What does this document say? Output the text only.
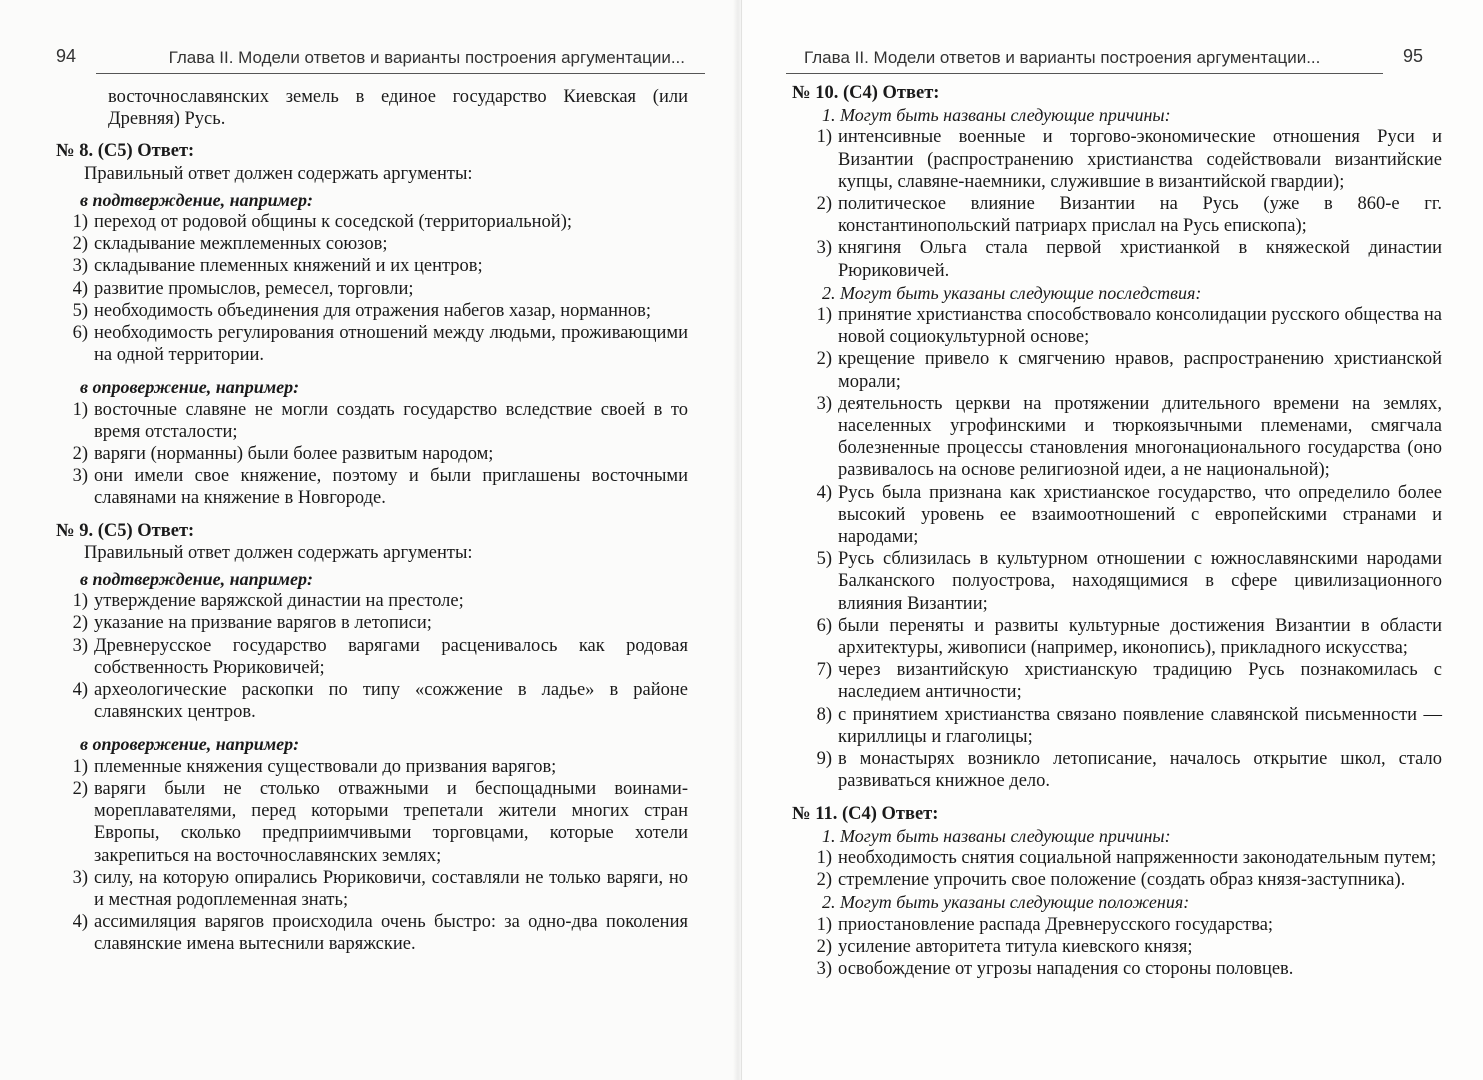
94	Глава II. Модели ответов и варианты построения аргументации...

восточнославянских земель в единое государство Киевская (или Древняя) Русь.

№ 8. (С5) Ответ:

Правильный ответ должен содержать аргументы:

в подтверждение, например:

1) переход от родовой общины к соседской (территориальной);
2) складывание межплеменных союзов;
3) складывание племенных княжений и их центров;
4) развитие промыслов, ремесел, торговли;
5) необходимость объединения для отражения набегов хазар, норманнов;
6) необходимость регулирования отношений между людьми, проживающими на одной территории.

в опровержение, например:

1) восточные славяне не могли создать государство вследствие своей в то время отсталости;
2) варяги (норманны) были более развитым народом;
3) они имели свое княжение, поэтому и были приглашены восточными славянами на княжение в Новгороде.

№ 9. (С5) Ответ:

Правильный ответ должен содержать аргументы:

в подтверждение, например:

1) утверждение варяжской династии на престоле;
2) указание на призвание варягов в летописи;
3) Древнерусское государство варягами расценивалось как родовая собственность Рюриковичей;
4) археологические раскопки по типу «сожжение в ладье» в районе славянских центров.

в опровержение, например:

1) племенные княжения существовали до призвания варягов;
2) варяги были не столько отважными и беспощадными воинами-мореплавателями, перед которыми трепетали жители многих стран Европы, сколько предприимчивыми торговцами, которые хотели закрепиться на восточнославянских землях;
3) силу, на которую опирались Рюриковичи, составляли не только варяги, но и местная родоплеменная знать;
4) ассимиляция варягов происходила очень быстро: за одно-два поколения славянские имена вытеснили варяжские.
Глава II. Модели ответов и варианты построения аргументации...	95

№ 10. (С4) Ответ:

1. Могут быть названы следующие причины:

1) интенсивные военные и торгово-экономические отношения Руси и Византии (распространению христианства содействовали византийские купцы, славяне-наемники, служившие в византийской гвардии);
2) политическое влияние Византии на Русь (уже в 860-е гг. константинопольский патриарх прислал на Русь епископа);
3) княгиня Ольга стала первой христианкой в княжеской династии Рюриковичей.

2. Могут быть указаны следующие последствия:

1) принятие христианства способствовало консолидации русского общества на новой социокультурной основе;
2) крещение привело к смягчению нравов, распространению христианской морали;
3) деятельность церкви на протяжении длительного времени на землях, населенных угрофинскими и тюркоязычными племенами, смягчала болезненные процессы становления многонационального государства (оно развивалось на основе религиозной идеи, а не национальной);
4) Русь была признана как христианское государство, что определило более высокий уровень ее взаимоотношений с европейскими странами и народами;
5) Русь сблизилась в культурном отношении с южнославянскими народами Балканского полуострова, находящимися в сфере цивилизационного влияния Византии;
6) были переняты и развиты культурные достижения Византии в области архитектуры, живописи (например, иконопись), прикладного искусства;
7) через византийскую христианскую традицию Русь познакомилась с наследием античности;
8) с принятием христианства связано появление славянской письменности — кириллицы и глаголицы;
9) в монастырях возникло летописание, началось открытие школ, стало развиваться книжное дело.

№ 11. (С4) Ответ:

1. Могут быть названы следующие причины:

1) необходимость снятия социальной напряженности законодательным путем;
2) стремление упрочить свое положение (создать образ князя-заступника).

2. Могут быть указаны следующие положения:

1) приостановление распада Древнерусского государства;
2) усиление авторитета титула киевского князя;
3) освобождение от угрозы нападения со стороны половцев.
